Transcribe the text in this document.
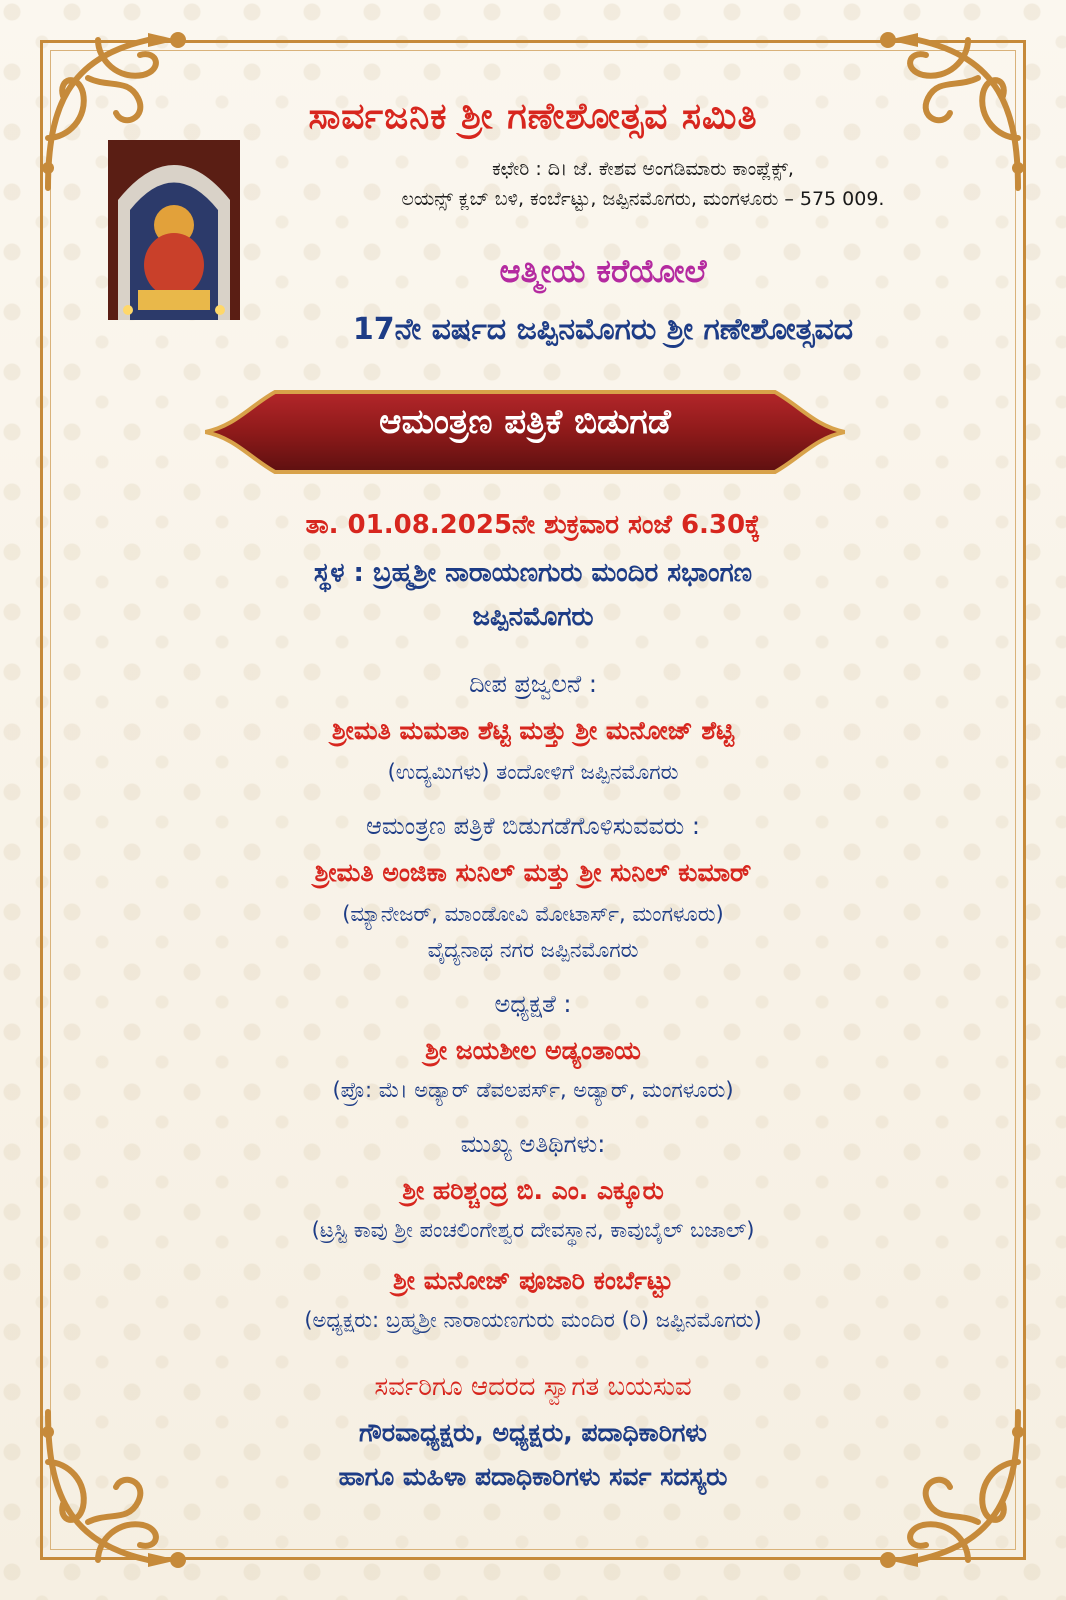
ಸಾರ್ವಜನಿಕ ಶ್ರೀ ಗಣೇಶೋತ್ಸವ ಸಮಿತಿ
ಕಛೇರಿ : ದಿ। ಜೆ. ಕೇಶವ ಅಂಗಡಿಮಾರು ಕಾಂಪ್ಲೆಕ್ಸ್,
ಲಯನ್ಸ್ ಕ್ಲಬ್ ಬಳಿ, ಕಂರ್ಬೆಟ್ಟು, ಜಪ್ಪಿನಮೊಗರು, ಮಂಗಳೂರು – 575 009.
ಆತ್ಮೀಯ ಕರೆಯೋಲೆ
17ನೇ ವರ್ಷದ ಜಪ್ಪಿನಮೊಗರು ಶ್ರೀ ಗಣೇಶೋತ್ಸವದ
ಆಮಂತ್ರಣ ಪತ್ರಿಕೆ ಬಿಡುಗಡೆ
ತಾ. 01.08.2025ನೇ ಶುಕ್ರವಾರ ಸಂಜೆ 6.30ಕ್ಕೆ
ಸ್ಥಳ : ಬ್ರಹ್ಮಶ್ರೀ ನಾರಾಯಣಗುರು ಮಂದಿರ ಸಭಾಂಗಣ
ಜಪ್ಪಿನಮೊಗರು
ದೀಪ ಪ್ರಜ್ವಲನೆ :
ಶ್ರೀಮತಿ ಮಮತಾ ಶೆಟ್ಟಿ ಮತ್ತು ಶ್ರೀ ಮನೋಜ್ ಶೆಟ್ಟಿ
(ಉದ್ಯಮಿಗಳು) ತಂದೋಳಿಗೆ ಜಪ್ಪಿನಮೊಗರು
ಆಮಂತ್ರಣ ಪತ್ರಿಕೆ ಬಿಡುಗಡೆಗೊಳಿಸುವವರು :
ಶ್ರೀಮತಿ ಅಂಜಿಕಾ ಸುನಿಲ್ ಮತ್ತು ಶ್ರೀ ಸುನಿಲ್ ಕುಮಾರ್
(ಮ್ಯಾನೇಜರ್, ಮಾಂಡೋವಿ ಮೋಟಾರ್ಸ್, ಮಂಗಳೂರು)
ವೈದ್ಯನಾಥ ನಗರ ಜಪ್ಪಿನಮೊಗರು
ಅಧ್ಯಕ್ಷತೆ :
ಶ್ರೀ ಜಯಶೀಲ ಅಡ್ಯಂತಾಯ
(ಪ್ರೊ: ಮೆ। ಅಡ್ಯಾರ್ ಡೆವಲಪರ್ಸ್, ಅಡ್ಯಾರ್, ಮಂಗಳೂರು)
ಮುಖ್ಯ ಅತಿಥಿಗಳು:
ಶ್ರೀ ಹರಿಶ್ಚಂದ್ರ ಬಿ. ಎಂ. ಎಕ್ಕೂರು
(ಟ್ರಸ್ಟಿ ಕಾವು ಶ್ರೀ ಪಂಚಲಿಂಗೇಶ್ವರ ದೇವಸ್ಥಾನ, ಕಾವುಬೈಲ್ ಬಜಾಲ್)
ಶ್ರೀ ಮನೋಜ್ ಪೂಜಾರಿ ಕಂರ್ಬೆಟ್ಟು
(ಅಧ್ಯಕ್ಷರು: ಬ್ರಹ್ಮಶ್ರೀ ನಾರಾಯಣಗುರು ಮಂದಿರ (ರಿ) ಜಪ್ಪಿನಮೊಗರು)
ಸರ್ವರಿಗೂ ಆದರದ ಸ್ವಾಗತ ಬಯಸುವ
ಗೌರವಾಧ್ಯಕ್ಷರು, ಅಧ್ಯಕ್ಷರು, ಪದಾಧಿಕಾರಿಗಳು
ಹಾಗೂ ಮಹಿಳಾ ಪದಾಧಿಕಾರಿಗಳು ಸರ್ವ ಸದಸ್ಯರು
